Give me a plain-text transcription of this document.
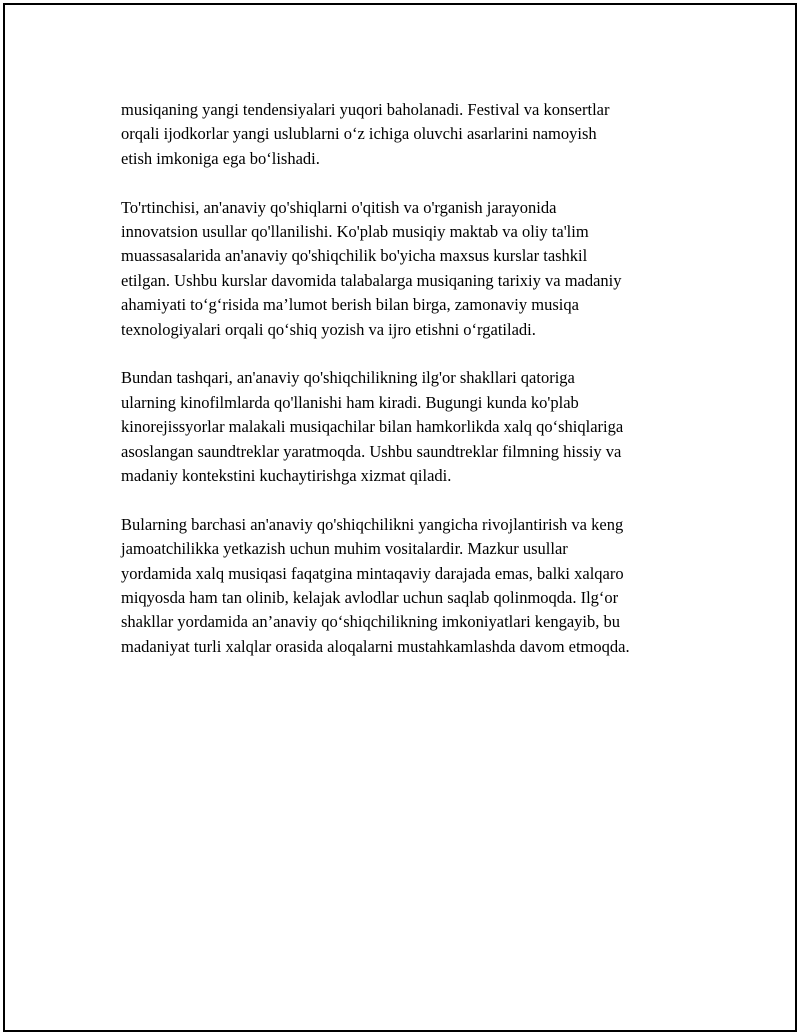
musiqaning yangi tendensiyalari yuqori baholanadi. Festival va konsertlar
orqali ijodkorlar yangi uslublarni o‘z ichiga oluvchi asarlarini namoyish
etish imkoniga ega bo‘lishadi.

To'rtinchisi, an'anaviy qo'shiqlarni o'qitish va o'rganish jarayonida
innovatsion usullar qo'llanilishi. Ko'plab musiqiy maktab va oliy ta'lim
muassasalarida an'anaviy qo'shiqchilik bo'yicha maxsus kurslar tashkil
etilgan. Ushbu kurslar davomida talabalarga musiqaning tarixiy va madaniy
ahamiyati to‘g‘risida ma’lumot berish bilan birga, zamonaviy musiqa
texnologiyalari orqali qo‘shiq yozish va ijro etishni o‘rgatiladi.

Bundan tashqari, an'anaviy qo'shiqchilikning ilg'or shakllari qatoriga
ularning kinofilmlarda qo'llanishi ham kiradi. Bugungi kunda ko'plab
kinorejissyorlar malakali musiqachilar bilan hamkorlikda xalq qo‘shiqlariga
asoslangan saundtreklar yaratmoqda. Ushbu saundtreklar filmning hissiy va
madaniy kontekstini kuchaytirishga xizmat qiladi.

Bularning barchasi an'anaviy qo'shiqchilikni yangicha rivojlantirish va keng
jamoatchilikka yetkazish uchun muhim vositalardir. Mazkur usullar
yordamida xalq musiqasi faqatgina mintaqaviy darajada emas, balki xalqaro
miqyosda ham tan olinib, kelajak avlodlar uchun saqlab qolinmoqda. Ilg‘or
shakllar yordamida an’anaviy qo‘shiqchilikning imkoniyatlari kengayib, bu
madaniyat turli xalqlar orasida aloqalarni mustahkamlashda davom etmoqda.
